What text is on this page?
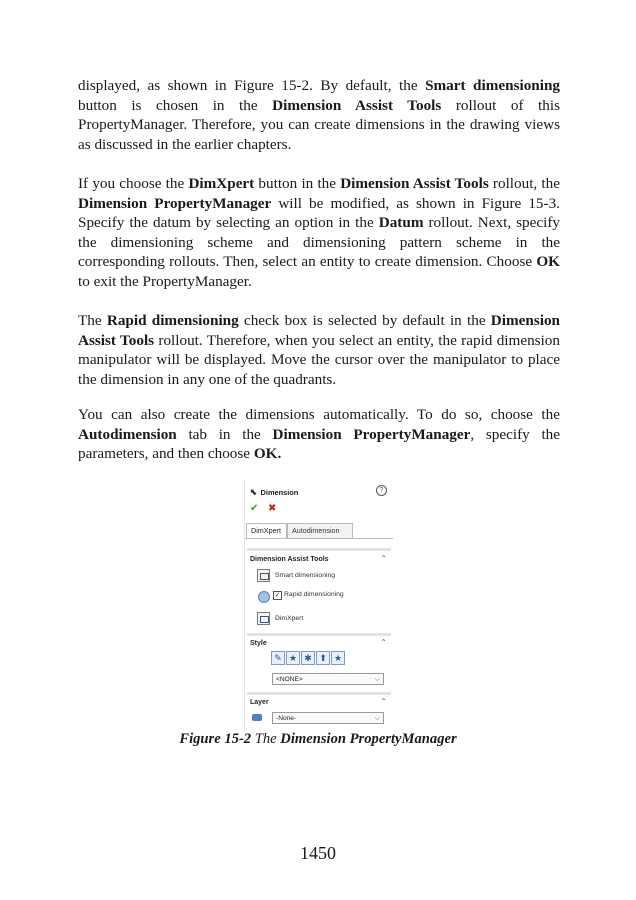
displayed, as shown in Figure 15-2. By default, the Smart dimensioning button is chosen in the Dimension Assist Tools rollout of this PropertyManager. Therefore, you can create dimensions in the drawing views as discussed in the earlier chapters.

If you choose the DimXpert button in the Dimension Assist Tools rollout, the Dimension PropertyManager will be modified, as shown in Figure 15-3. Specify the datum by selecting an option in the Datum rollout. Next, specify the dimensioning scheme and dimensioning pattern scheme in the corresponding rollouts. Then, select an entity to create dimension. Choose OK to exit the PropertyManager.

The Rapid dimensioning check box is selected by default in the Dimension Assist Tools rollout. Therefore, when you select an entity, the rapid dimension manipulator will be displayed. Move the cursor over the manipulator to place the dimension in any one of the quadrants.

You can also create the dimensions automatically. To do so, choose the Autodimension tab in the Dimension PropertyManager, specify the parameters, and then choose OK.

⬉ Dimension	?
✔ ✖
DimXpert	Autodimension
Dimension Assist Tools	⌃
Smart dimensioning
✓ Rapid dimensioning
DimXpert
Style	⌃
✎ ★ ✱ ⬆ ★
<NONE>	⌵
Layer	⌃
-None-	⌵
Figure 15-2 The Dimension PropertyManager
1450
